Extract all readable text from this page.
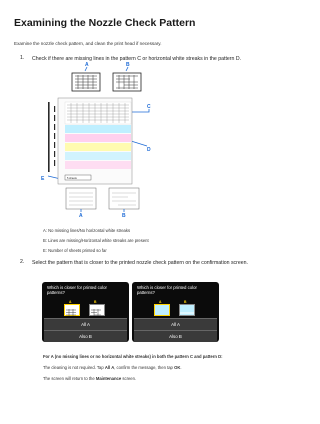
Examining the Nozzle Check Pattern
Examine the nozzle check pattern, and clean the print head if necessary.
1. Check if there are missing lines in the pattern C or horizontal white streaks in the pattern D.
5 sheets
A	B
C
D
E
A	B
A: No missing lines/No horizontal white streaks
B: Lines are missing/Horizontal white streaks are present
E: Number of sheets printed so far
2. Select the pattern that is closer to the printed nozzle check pattern on the confirmation screen.
Which is closer for printed color patterns?
A	B
All A
Also B
Which is closer for printed color patterns?
A	B
All A
Also B
For A (no missing lines or no horizontal white streaks) in both the pattern C and pattern D:
The cleaning is not required. Tap All A, confirm the message, then tap OK.
The screen will return to the Maintenance screen.
